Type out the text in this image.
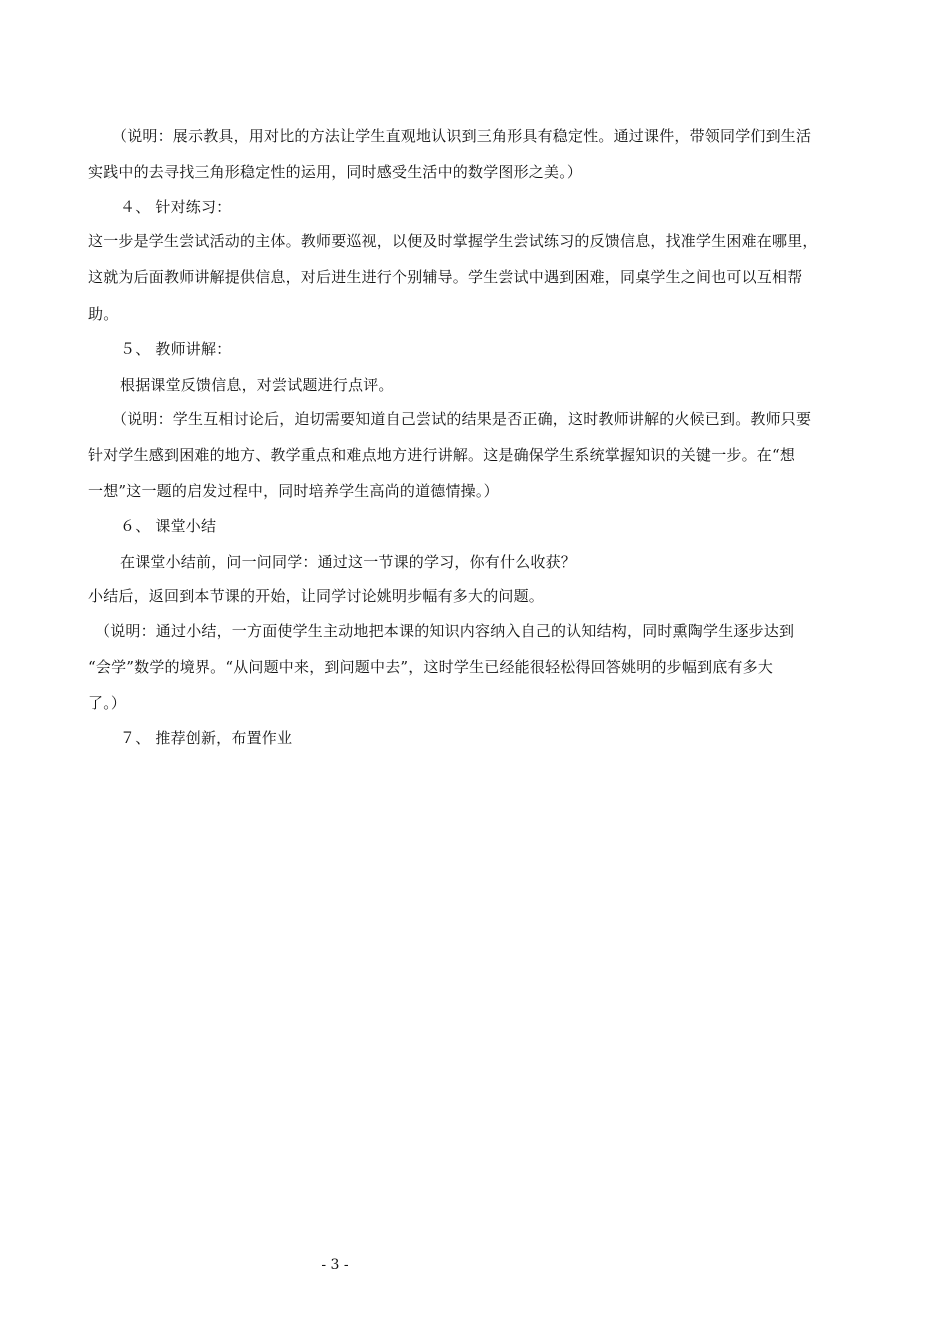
（说明：展示教具，用对比的方法让学生直观地认识到三角形具有稳定性。通过课件，带领同学们到生活
实践中的去寻找三角形稳定性的运用，同时感受生活中的数学图形之美。）
４、 针对练习：
这一步是学生尝试活动的主体。教师要巡视，以便及时掌握学生尝试练习的反馈信息，找准学生困难在哪里，
这就为后面教师讲解提供信息，对后进生进行个别辅导。学生尝试中遇到困难，同桌学生之间也可以互相帮
助。
５、 教师讲解：
根据课堂反馈信息，对尝试题进行点评。
（说明：学生互相讨论后，迫切需要知道自己尝试的结果是否正确，这时教师讲解的火候已到。教师只要
针对学生感到困难的地方、教学重点和难点地方进行讲解。这是确保学生系统掌握知识的关键一步。在“想
一想”这一题的启发过程中，同时培养学生高尚的道德情操。）
６、 课堂小结
在课堂小结前，问一问同学：通过这一节课的学习，你有什么收获？
小结后，返回到本节课的开始，让同学讨论姚明步幅有多大的问题。
（说明：通过小结，一方面使学生主动地把本课的知识内容纳入自己的认知结构，同时熏陶学生逐步达到
“会学”数学的境界。“从问题中来，到问题中去”，这时学生已经能很轻松得回答姚明的步幅到底有多大
了。）
７、 推荐创新，布置作业
- 3 -
